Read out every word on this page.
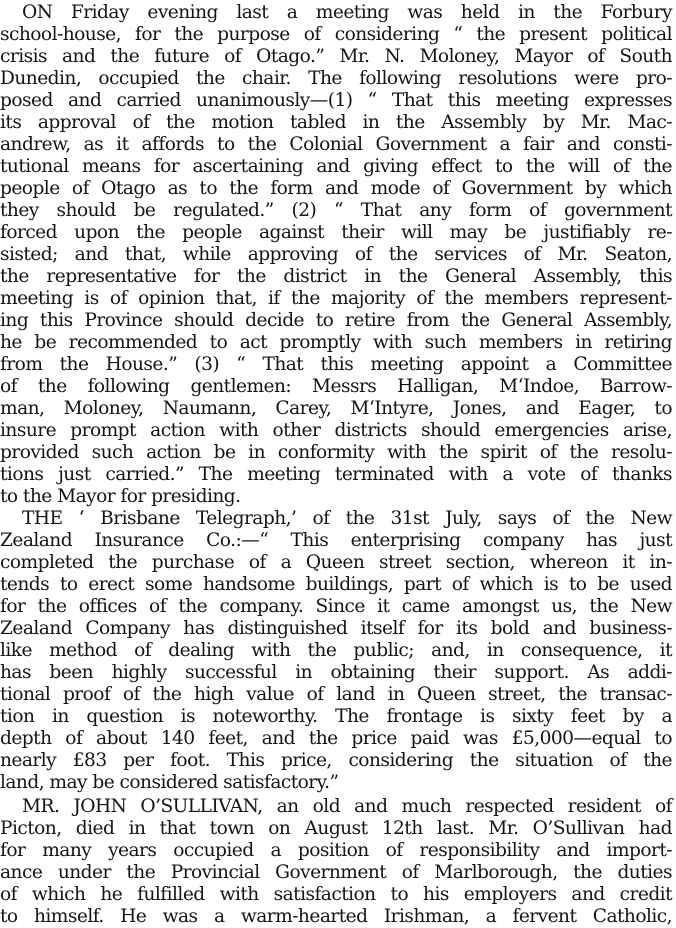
ON Friday evening last a meeting was held in the Forbury
school-house, for the purpose of considering “ the present political
crisis and the future of Otago.” Mr. N. Moloney, Mayor of South
Dunedin, occupied the chair. The following resolutions were pro-
posed and carried unanimously—(1) “ That this meeting expresses
its approval of the motion tabled in the Assembly by Mr. Mac-
andrew, as it affords to the Colonial Government a fair and consti-
tutional means for ascertaining and giving effect to the will of the
people of Otago as to the form and mode of Government by which
they should be regulated.” (2) “ That any form of government
forced upon the people against their will may be justifiably re-
sisted; and that, while approving of the services of Mr. Seaton,
the representative for the district in the General Assembly, this
meeting is of opinion that, if the majority of the members represent-
ing this Province should decide to retire from the General Assembly,
he be recommended to act promptly with such members in retiring
from the House.” (3) “ That this meeting appoint a Committee
of the following gentlemen: Messrs Halligan, M‘Indoe, Barrow-
man, Moloney, Naumann, Carey, M‘Intyre, Jones, and Eager, to
insure prompt action with other districts should emergencies arise,
provided such action be in conformity with the spirit of the resolu-
tions just carried.” The meeting terminated with a vote of thanks
to the Mayor for presiding.
THE ‘ Brisbane Telegraph,’ of the 31st July, says of the New
Zealand Insurance Co.:—“ This enterprising company has just
completed the purchase of a Queen street section, whereon it in-
tends to erect some handsome buildings, part of which is to be used
for the offices of the company. Since it came amongst us, the New
Zealand Company has distinguished itself for its bold and business-
like method of dealing with the public; and, in consequence, it
has been highly successful in obtaining their support. As addi-
tional proof of the high value of land in Queen street, the transac-
tion in question is noteworthy. The frontage is sixty feet by a
depth of about 140 feet, and the price paid was £5,000—equal to
nearly £83 per foot. This price, considering the situation of the
land, may be considered satisfactory.”
MR. JOHN O’SULLIVAN, an old and much respected resident of
Picton, died in that town on August 12th last. Mr. O’Sullivan had
for many years occupied a position of responsibility and import-
ance under the Provincial Government of Marlborough, the duties
of which he fulfilled with satisfaction to his employers and credit
to himself. He was a warm-hearted Irishman, a fervent Catholic,
